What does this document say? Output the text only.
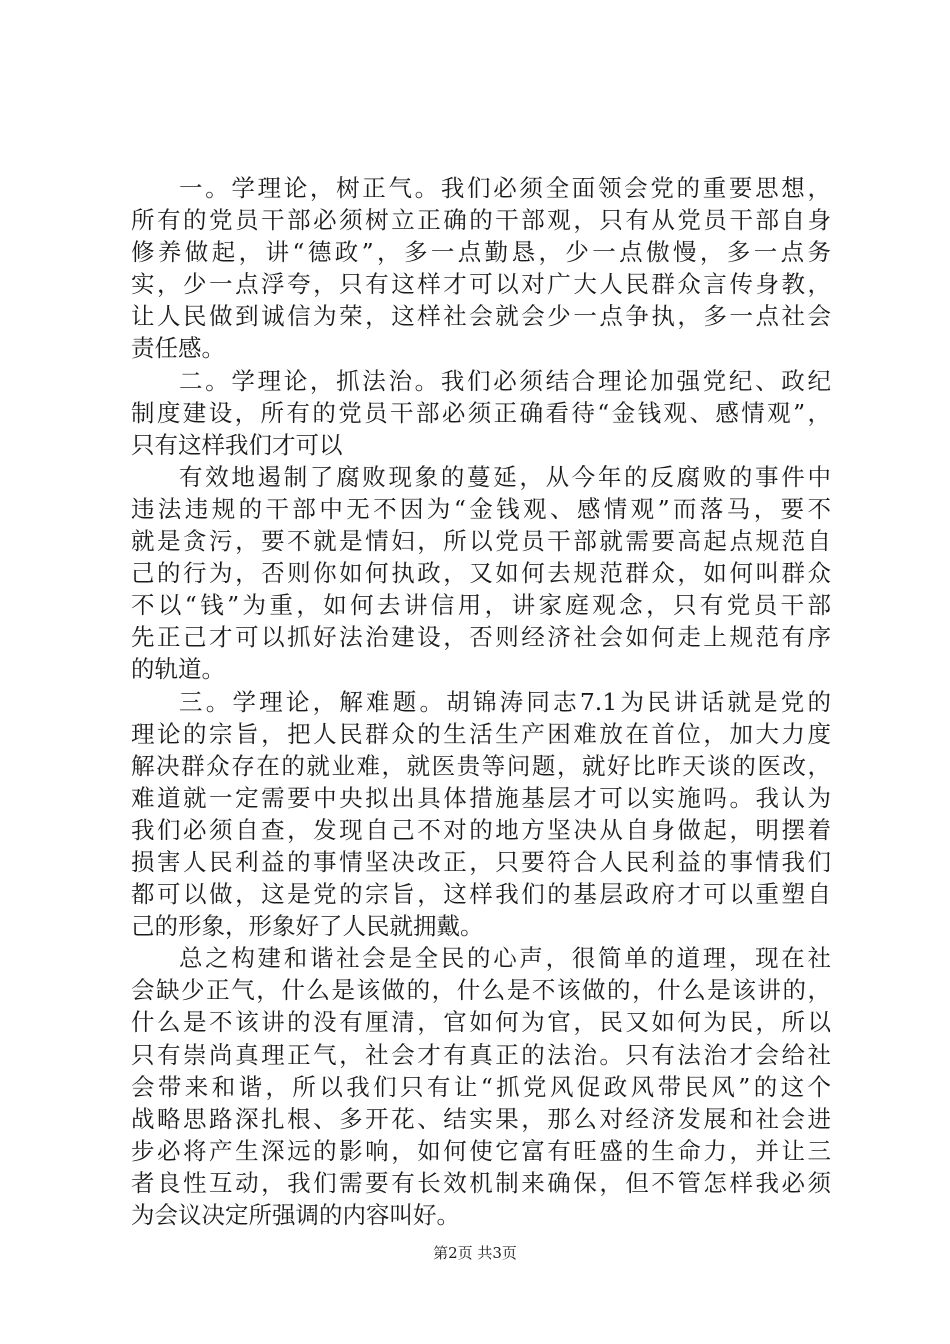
一。学理论，树正气。我们必须全面领会党的重要思想，
所有的党员干部必须树立正确的干部观，只有从党员干部自身
修养做起，讲“德政”，多一点勤恳，少一点傲慢，多一点务
实，少一点浮夸，只有这样才可以对广大人民群众言传身教，
让人民做到诚信为荣，这样社会就会少一点争执，多一点社会
责任感。
二。学理论，抓法治。我们必须结合理论加强党纪、政纪
制度建设，所有的党员干部必须正确看待“金钱观、感情观”，
只有这样我们才可以
有效地遏制了腐败现象的蔓延，从今年的反腐败的事件中
违法违规的干部中无不因为“金钱观、感情观”而落马，要不
就是贪污，要不就是情妇，所以党员干部就需要高起点规范自
己的行为，否则你如何执政，又如何去规范群众，如何叫群众
不以“钱”为重，如何去讲信用，讲家庭观念，只有党员干部
先正己才可以抓好法治建设，否则经济社会如何走上规范有序
的轨道。
三。学理论，解难题。胡锦涛同志7.1为民讲话就是党的
理论的宗旨，把人民群众的生活生产困难放在首位，加大力度
解决群众存在的就业难，就医贵等问题，就好比昨天谈的医改，
难道就一定需要中央拟出具体措施基层才可以实施吗。我认为
我们必须自查，发现自己不对的地方坚决从自身做起，明摆着
损害人民利益的事情坚决改正，只要符合人民利益的事情我们
都可以做，这是党的宗旨，这样我们的基层政府才可以重塑自
己的形象，形象好了人民就拥戴。
总之构建和谐社会是全民的心声，很简单的道理，现在社
会缺少正气，什么是该做的，什么是不该做的，什么是该讲的，
什么是不该讲的没有厘清，官如何为官，民又如何为民，所以
只有崇尚真理正气，社会才有真正的法治。只有法治才会给社
会带来和谐，所以我们只有让“抓党风促政风带民风”的这个
战略思路深扎根、多开花、结实果，那么对经济发展和社会进
步必将产生深远的影响，如何使它富有旺盛的生命力，并让三
者良性互动，我们需要有长效机制来确保，但不管怎样我必须
为会议决定所强调的内容叫好。
第2页 共3页
